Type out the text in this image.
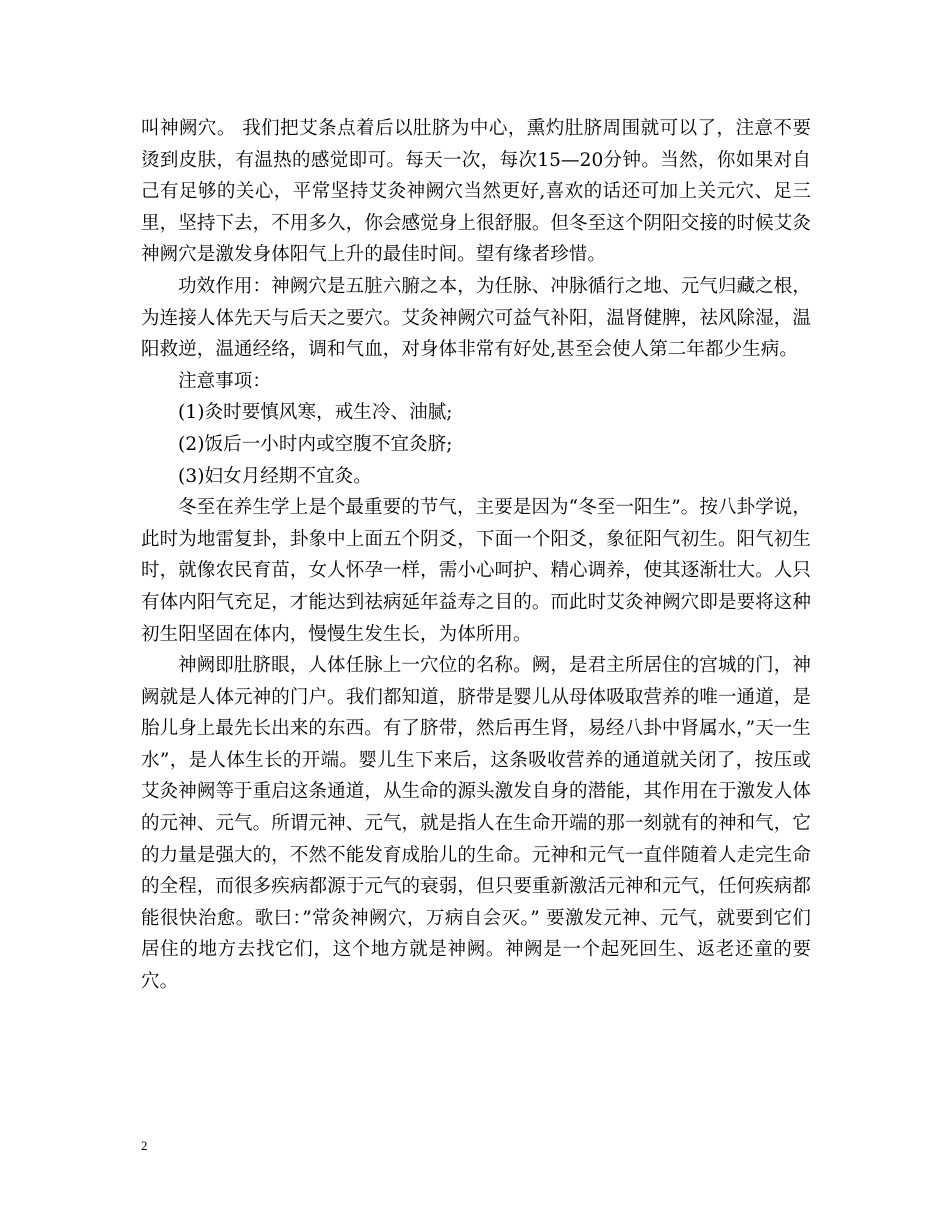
叫神阙穴。 我们把艾条点着后以肚脐为中心，熏灼肚脐周围就可以了，注意不要烫到皮肤，有温热的感觉即可。每天一次，每次15—20分钟。当然，你如果对自己有足够的关心，平常坚持艾灸神阙穴当然更好,喜欢的话还可加上关元穴、足三里，坚持下去，不用多久，你会感觉身上很舒服。但冬至这个阴阳交接的时候艾灸神阙穴是激发身体阳气上升的最佳时间。望有缘者珍惜。

功效作用：神阙穴是五脏六腑之本，为任脉、冲脉循行之地、元气归藏之根，为连接人体先天与后天之要穴。艾灸神阙穴可益气补阳，温肾健脾，祛风除湿，温阳救逆，温通经络，调和气血，对身体非常有好处,甚至会使人第二年都少生病。

注意事项：

(1)灸时要慎风寒，戒生冷、油腻;

(2)饭后一小时内或空腹不宜灸脐;

(3)妇女月经期不宜灸。

冬至在养生学上是个最重要的节气，主要是因为“冬至一阳生”。按八卦学说，此时为地雷复卦，卦象中上面五个阴爻，下面一个阳爻，象征阳气初生。阳气初生时，就像农民育苗，女人怀孕一样，需小心呵护、精心调养，使其逐渐壮大。人只有体内阳气充足，才能达到祛病延年益寿之目的。而此时艾灸神阙穴即是要将这种初生阳坚固在体内，慢慢生发生长，为体所用。

神阙即肚脐眼，人体任脉上一穴位的名称。阙，是君主所居住的宫城的门，神阙就是人体元神的门户。我们都知道，脐带是婴儿从母体吸取营养的唯一通道，是胎儿身上最先长出来的东西。有了脐带，然后再生肾，易经八卦中肾属水，”天一生水”，是人体生长的开端。婴儿生下来后，这条吸收营养的通道就关闭了，按压或艾灸神阙等于重启这条通道，从生命的源头激发自身的潜能，其作用在于激发人体的元神、元气。所谓元神、元气，就是指人在生命开端的那一刻就有的神和气，它的力量是强大的，不然不能发育成胎儿的生命。元神和元气一直伴随着人走完生命的全程，而很多疾病都源于元气的衰弱，但只要重新激活元神和元气，任何疾病都能很快治愈。歌曰：”常灸神阙穴，万病自会灭。” 要激发元神、元气，就要到它们居住的地方去找它们，这个地方就是神阙。神阙是一个起死回生、返老还童的要穴。

2
